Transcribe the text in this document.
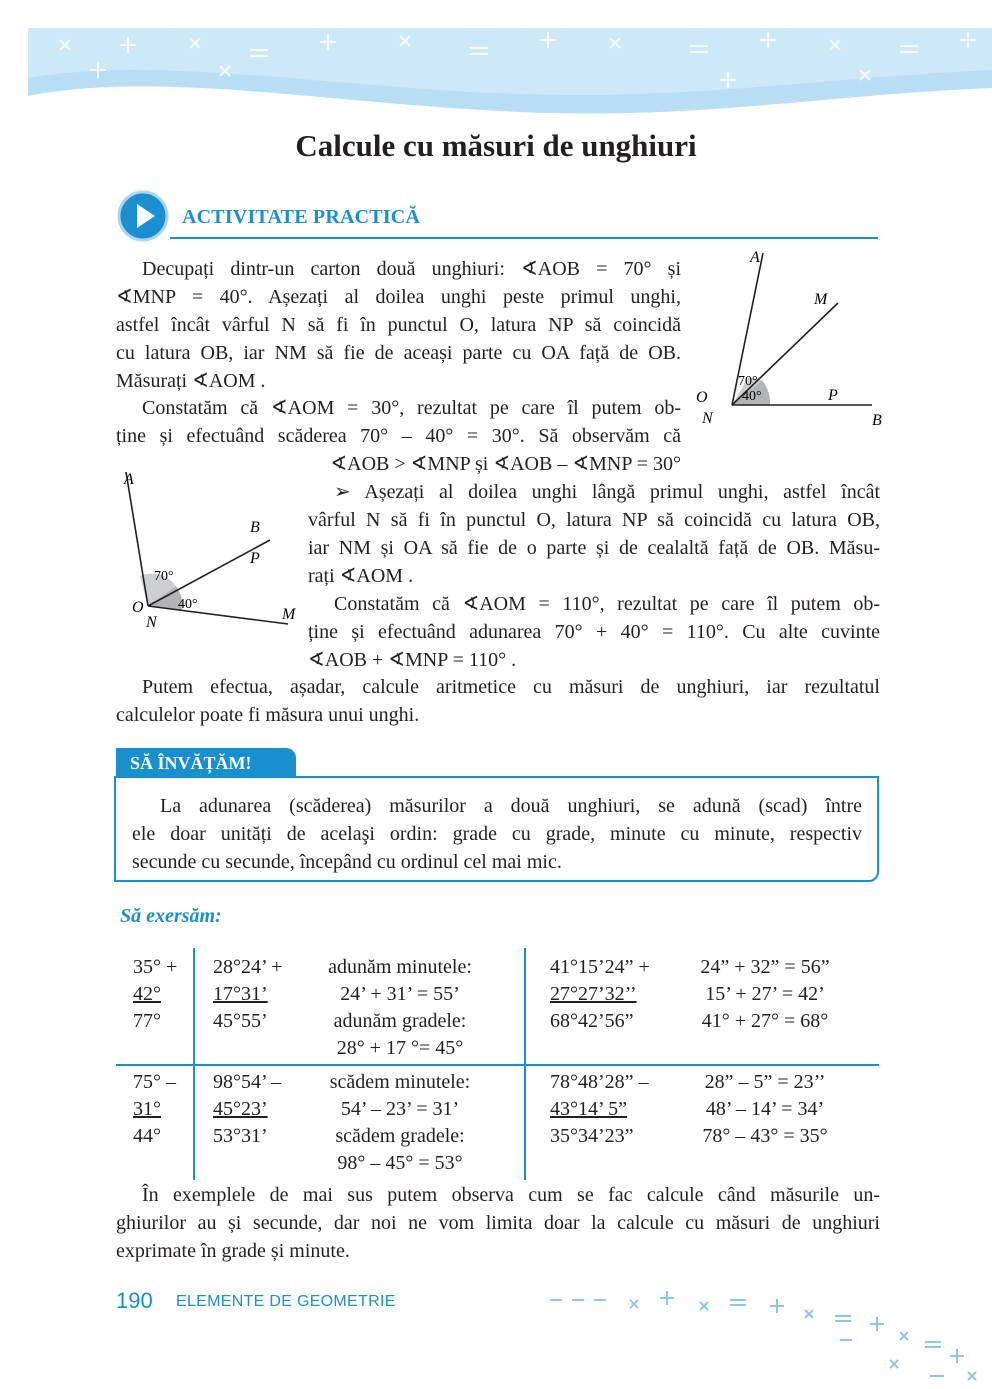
Calcule cu măsuri de unghiuri
ACTIVITATE PRACTICĂ
Decupați dintr-un carton două unghiuri: ∢AOB = 70° și
∢MNP = 40°. Așezați al doilea unghi peste primul unghi,
astfel încât vârful N să fi în punctul O, latura NP să coincidă
cu latura OB, iar NM să fie de aceași parte cu OA față de OB.
Măsurați ∢AOM .
A
M
O
N
P
B
70°
40°
Constatăm că ∢AOM = 30°, rezultat pe care îl putem ob-
ține și efectuând scăderea 70° – 40° = 30°. Să observăm că
∢AOB > ∢MNP și ∢AOB – ∢MNP = 30°
A
B
P
O
N	M
70°
40°
➢ Așezați al doilea unghi lângă primul unghi, astfel încât
vârful N să fi în punctul O, latura NP să coincidă cu latura OB,
iar NM și OA să fie de o parte și de cealaltă față de OB. Măsu-
rați ∢AOM .
Constatăm că ∢AOM = 110°, rezultat pe care îl putem ob-
ține și efectuând adunarea 70° + 40° = 110°. Cu alte cuvinte
∢AOB + ∢MNP = 110° .
Putem efectua, așadar, calcule aritmetice cu măsuri de unghiuri, iar rezultatul
calculelor poate fi măsura unui unghi.
SĂ ÎNVĂȚĂM!
La adunarea (scăderea) măsurilor a două unghiuri, se adună (scad) între
ele doar unități de acelaşi ordin: grade cu grade, minute cu minute, respectiv
secunde cu secunde, începând cu ordinul cel mai mic.
Să exersăm:
35° +
42°
77°
28°24’ +
17°31’
45°55’
adunăm minutele:
24’ + 31’ = 55’
adunăm gradele:
28° + 17 °= 45°
41°15’24” +
27°27’32’’
68°42’56”
24” + 32” = 56”
15’ + 27’ = 42’
41° + 27° = 68°
75° –
31°
44°
98°54’ –
45°23’
53°31’
scădem minutele:
54’ – 23’ = 31’
scădem gradele:
98° – 45° = 53°
78°48’28” –
43°14’ 5”
35°34’23”
28” – 5” = 23’’
48’ – 14’ = 34’
78° – 43° = 35°
În exemplele de mai sus putem observa cum se fac calcule când măsurile un-
ghiurilor au și secunde, dar noi ne vom limita doar la calcule cu măsuri de unghiuri
exprimate în grade și minute.
190 ELEMENTE DE GEOMETRIE
